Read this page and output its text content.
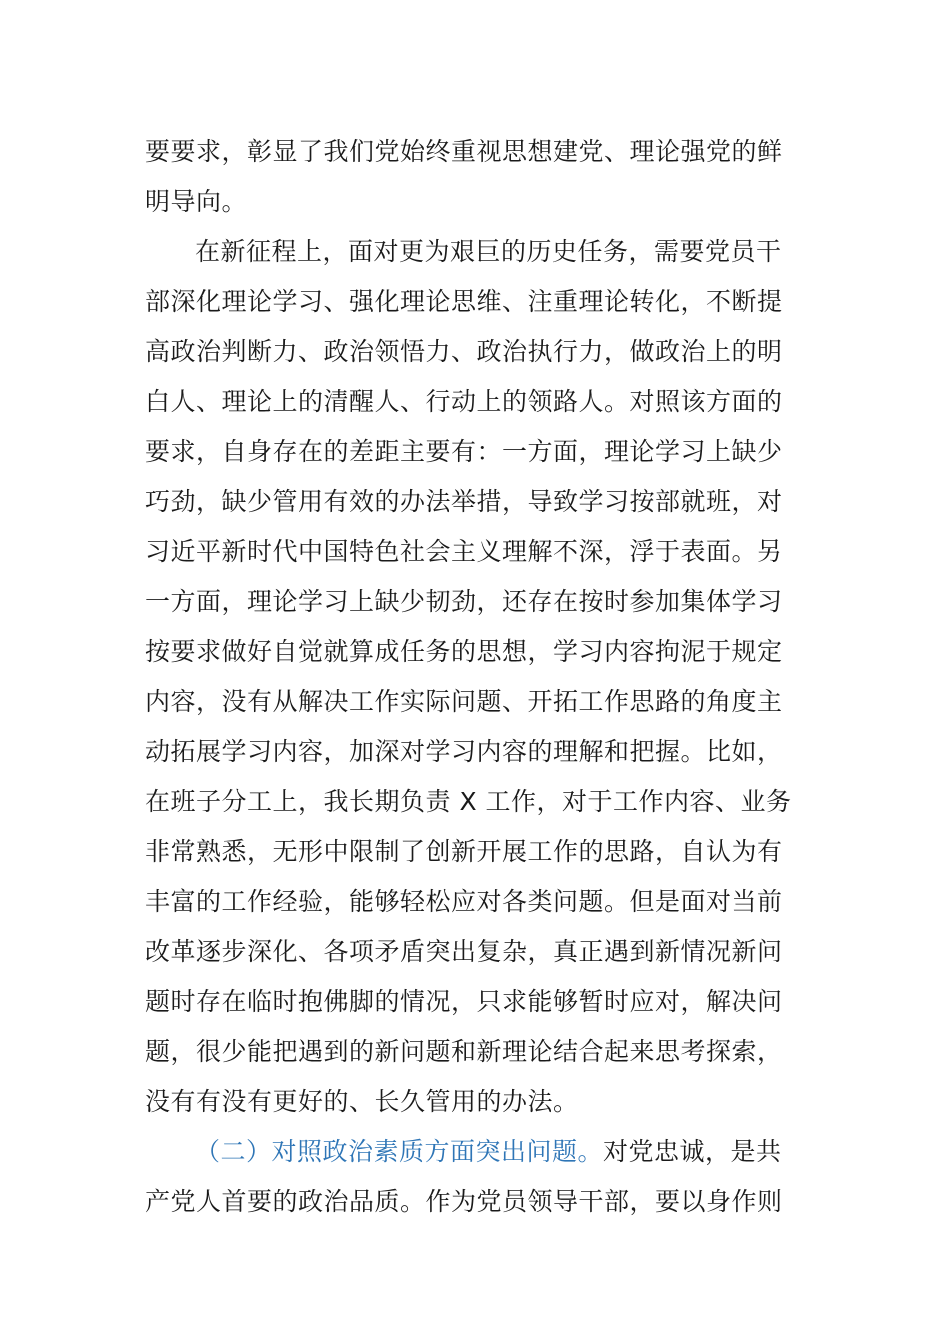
要要求，彰显了我们党始终重视思想建党、理论强党的鲜
明导向。
在新征程上，面对更为艰巨的历史任务，需要党员干
部深化理论学习、强化理论思维、注重理论转化，不断提
高政治判断力、政治领悟力、政治执行力，做政治上的明
白人、理论上的清醒人、行动上的领路人。对照该方面的
要求，自身存在的差距主要有：一方面，理论学习上缺少
巧劲，缺少管用有效的办法举措，导致学习按部就班，对
习近平新时代中国特色社会主义理解不深，浮于表面。另
一方面，理论学习上缺少韧劲，还存在按时参加集体学习
按要求做好自觉就算成任务的思想，学习内容拘泥于规定
内容，没有从解决工作实际问题、开拓工作思路的角度主
动拓展学习内容，加深对学习内容的理解和把握。比如，
在班子分工上，我长期负责 X 工作，对于工作内容、业务
非常熟悉，无形中限制了创新开展工作的思路，自认为有
丰富的工作经验，能够轻松应对各类问题。但是面对当前
改革逐步深化、各项矛盾突出复杂，真正遇到新情况新问
题时存在临时抱佛脚的情况，只求能够暂时应对，解决问
题，很少能把遇到的新问题和新理论结合起来思考探索，
没有有没有更好的、长久管用的办法。
（二）对照政治素质方面突出问题。对党忠诚，是共
产党人首要的政治品质。作为党员领导干部，要以身作则
